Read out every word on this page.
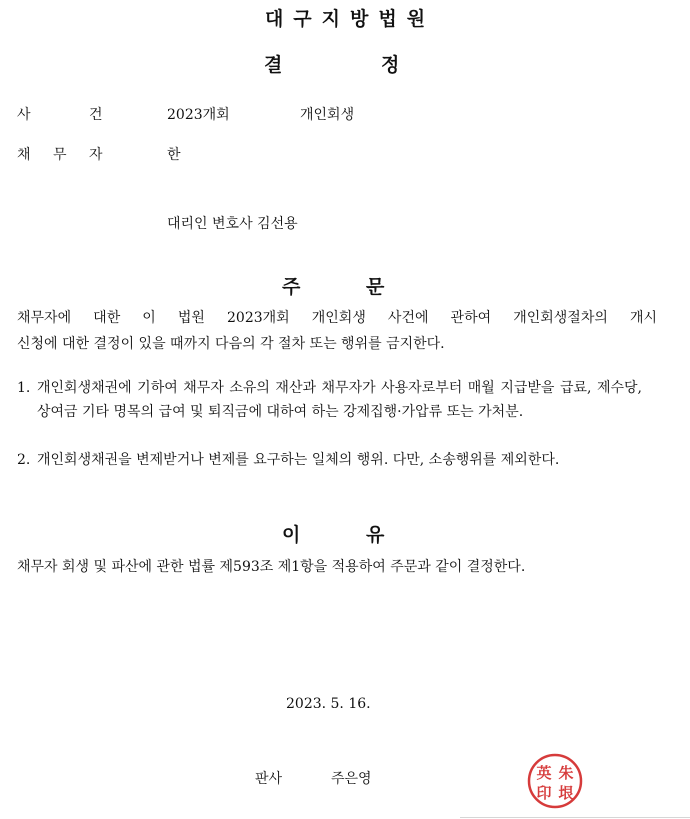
대구지방법원
결	정
사	건	2023개회	개인회생
채 무 자	한
대리인 변호사 김선용
주	문
채무자에 대한 이 법원 2023개회 개인회생 사건에 관하여 개인회생절차의 개시
신청에 대한 결정이 있을 때까지 다음의 각 절차 또는 행위를 금지한다.
1. 개인회생채권에 기하여 채무자 소유의 재산과 채무자가 사용자로부터 매월 지급받을 급료, 제수당, 상여금 기타 명목의 급여 및 퇴직금에 대하여 하는 강제집행·가압류 또는 가처분.
2. 개인회생채권을 변제받거나 변제를 요구하는 일체의 행위. 다만, 소송행위를 제외한다.
이	유
채무자 회생 및 파산에 관한 법률 제593조 제1항을 적용하여 주문과 같이 결정한다.
2023. 5. 16.
판사	주은영	朱
英
垠
印
